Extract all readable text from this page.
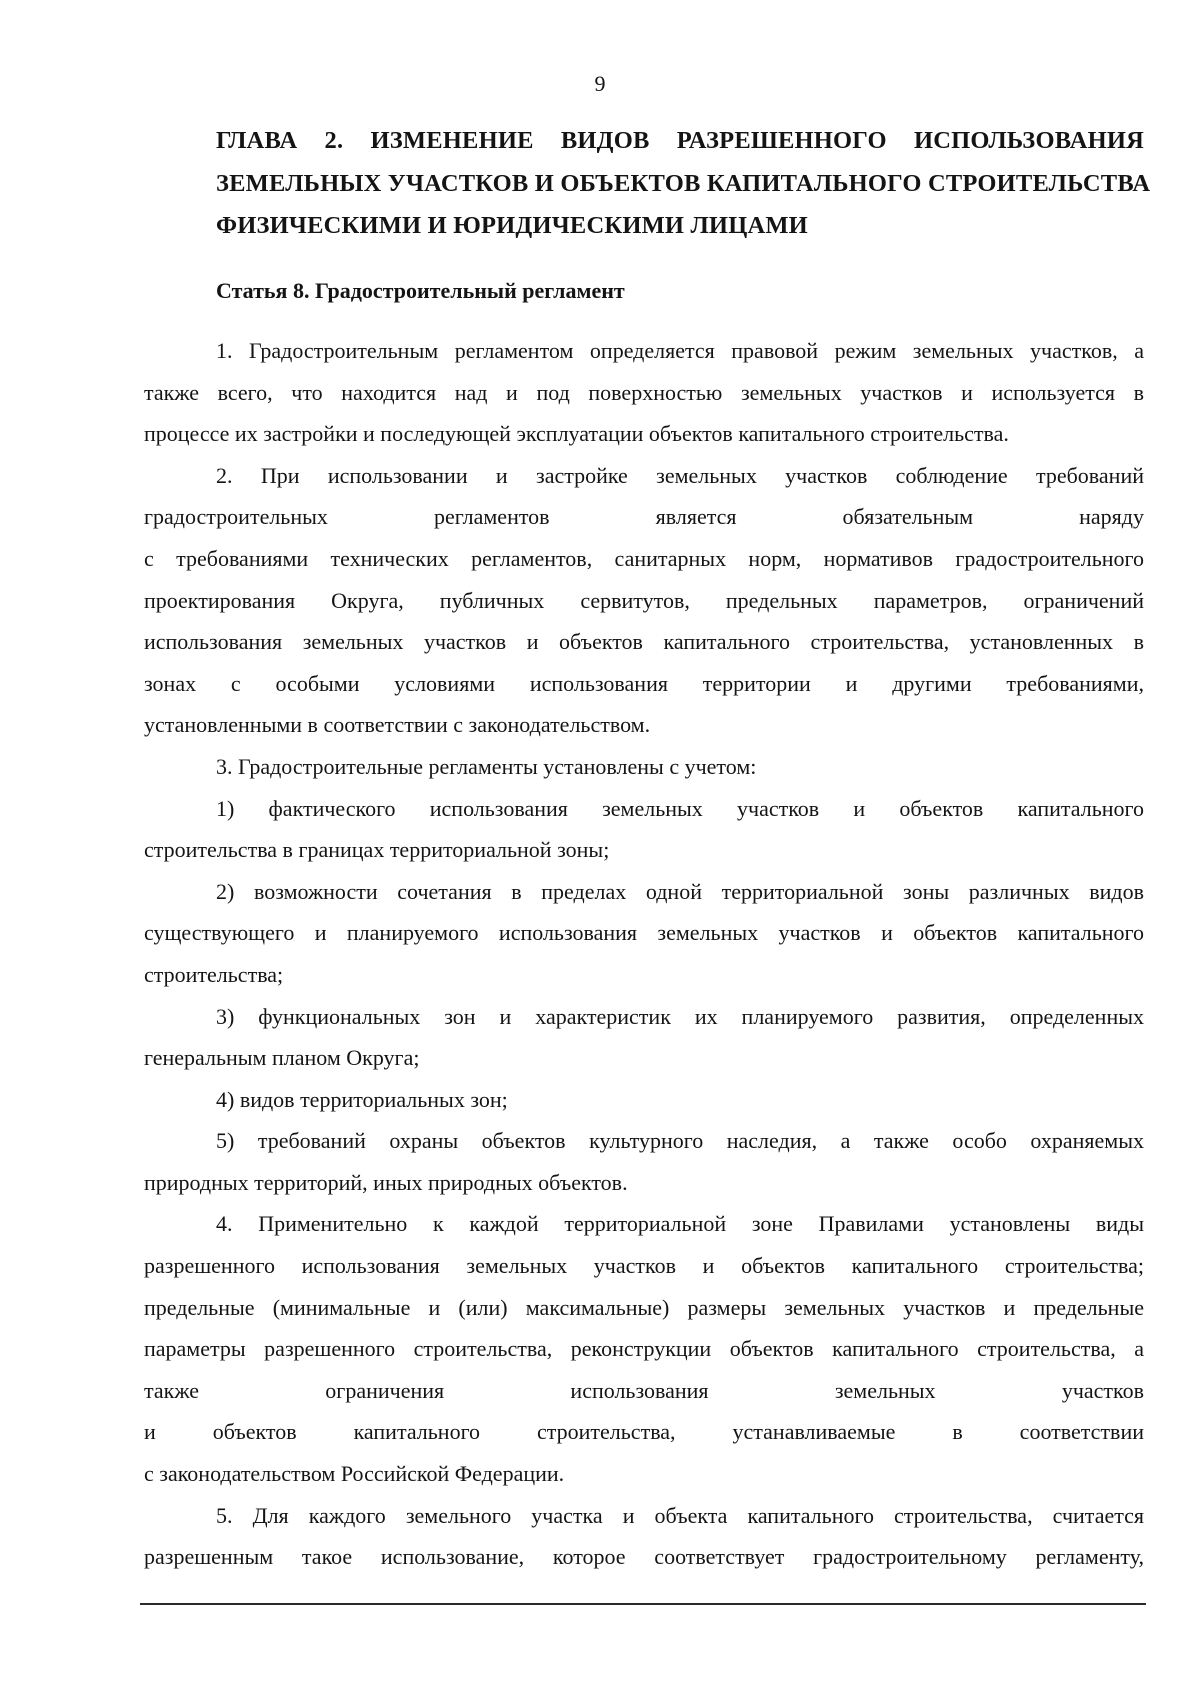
9
ГЛАВА 2. ИЗМЕНЕНИЕ ВИДОВ РАЗРЕШЕННОГО ИСПОЛЬЗОВАНИЯ
ЗЕМЕЛЬНЫХ УЧАСТКОВ И ОБЪЕКТОВ КАПИТАЛЬНОГО СТРОИТЕЛЬСТВА
ФИЗИЧЕСКИМИ И ЮРИДИЧЕСКИМИ ЛИЦАМИ
Статья 8. Градостроительный регламент
1. Градостроительным регламентом определяется правовой режим земельных участков, а
также всего, что находится над и под поверхностью земельных участков и используется в
процессе их застройки и последующей эксплуатации объектов капитального строительства.
2. При использовании и застройке земельных участков соблюдение требований
градостроительных регламентов является обязательным наряду
с требованиями технических регламентов, санитарных норм, нормативов градостроительного
проектирования Округа, публичных сервитутов, предельных параметров, ограничений
использования земельных участков и объектов капитального строительства, установленных в
зонах с особыми условиями использования территории и другими требованиями,
установленными в соответствии с законодательством.
3. Градостроительные регламенты установлены с учетом:
1) фактического использования земельных участков и объектов капитального
строительства в границах территориальной зоны;
2) возможности сочетания в пределах одной территориальной зоны различных видов
существующего и планируемого использования земельных участков и объектов капитального
строительства;
3) функциональных зон и характеристик их планируемого развития, определенных
генеральным планом Округа;
4) видов территориальных зон;
5) требований охраны объектов культурного наследия, а также особо охраняемых
природных территорий, иных природных объектов.
4. Применительно к каждой территориальной зоне Правилами установлены виды
разрешенного использования земельных участков и объектов капитального строительства;
предельные (минимальные и (или) максимальные) размеры земельных участков и предельные
параметры разрешенного строительства, реконструкции объектов капитального строительства, а
также ограничения использования земельных участков
и объектов капитального строительства, устанавливаемые в соответствии
с законодательством Российской Федерации.
5. Для каждого земельного участка и объекта капитального строительства, считается
разрешенным такое использование, которое соответствует градостроительному регламенту,
